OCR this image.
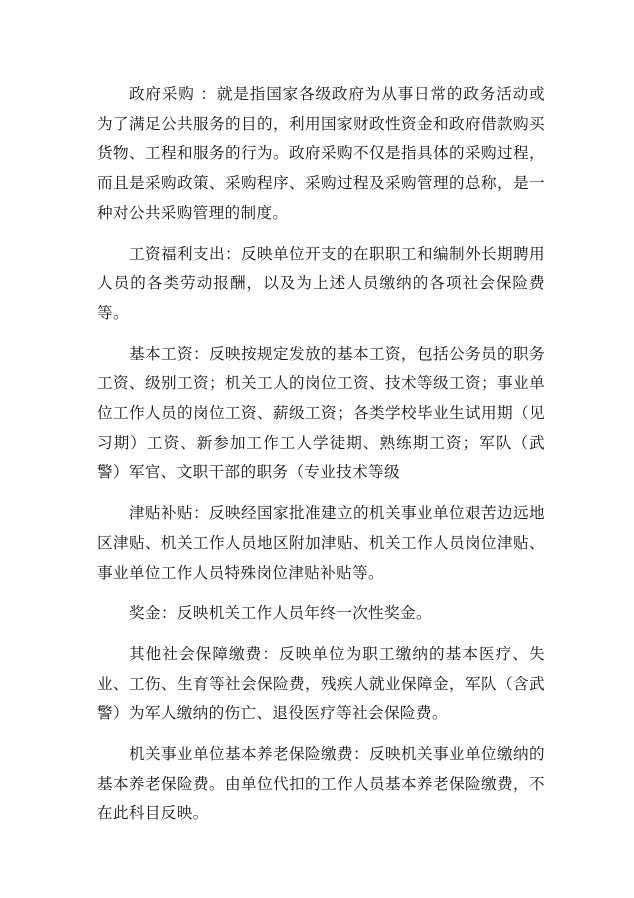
政府采购 ：就是指国家各级政府为从事日常的政务活动或为了满足公共服务的目的，利用国家财政性资金和政府借款购买货物、工程和服务的行为。政府采购不仅是指具体的采购过程，而且是采购政策、采购程序、采购过程及采购管理的总称，是一种对公共采购管理的制度。

工资福利支出：反映单位开支的在职职工和编制外长期聘用人员的各类劳动报酬，以及为上述人员缴纳的各项社会保险费等。

基本工资：反映按规定发放的基本工资，包括公务员的职务工资、级别工资；机关工人的岗位工资、技术等级工资；事业单位工作人员的岗位工资、薪级工资；各类学校毕业生试用期（见习期）工资、新参加工作工人学徒期、熟练期工资；军队（武警）军官、文职干部的职务（专业技术等级

津贴补贴：反映经国家批准建立的机关事业单位艰苦边远地区津贴、机关工作人员地区附加津贴、机关工作人员岗位津贴、事业单位工作人员特殊岗位津贴补贴等。

奖金：反映机关工作人员年终一次性奖金。

其他社会保障缴费：反映单位为职工缴纳的基本医疗、失业、工伤、生育等社会保险费，残疾人就业保障金，军队（含武警）为军人缴纳的伤亡、退役医疗等社会保险费。

机关事业单位基本养老保险缴费：反映机关事业单位缴纳的基本养老保险费。由单位代扣的工作人员基本养老保险缴费，不在此科目反映。
